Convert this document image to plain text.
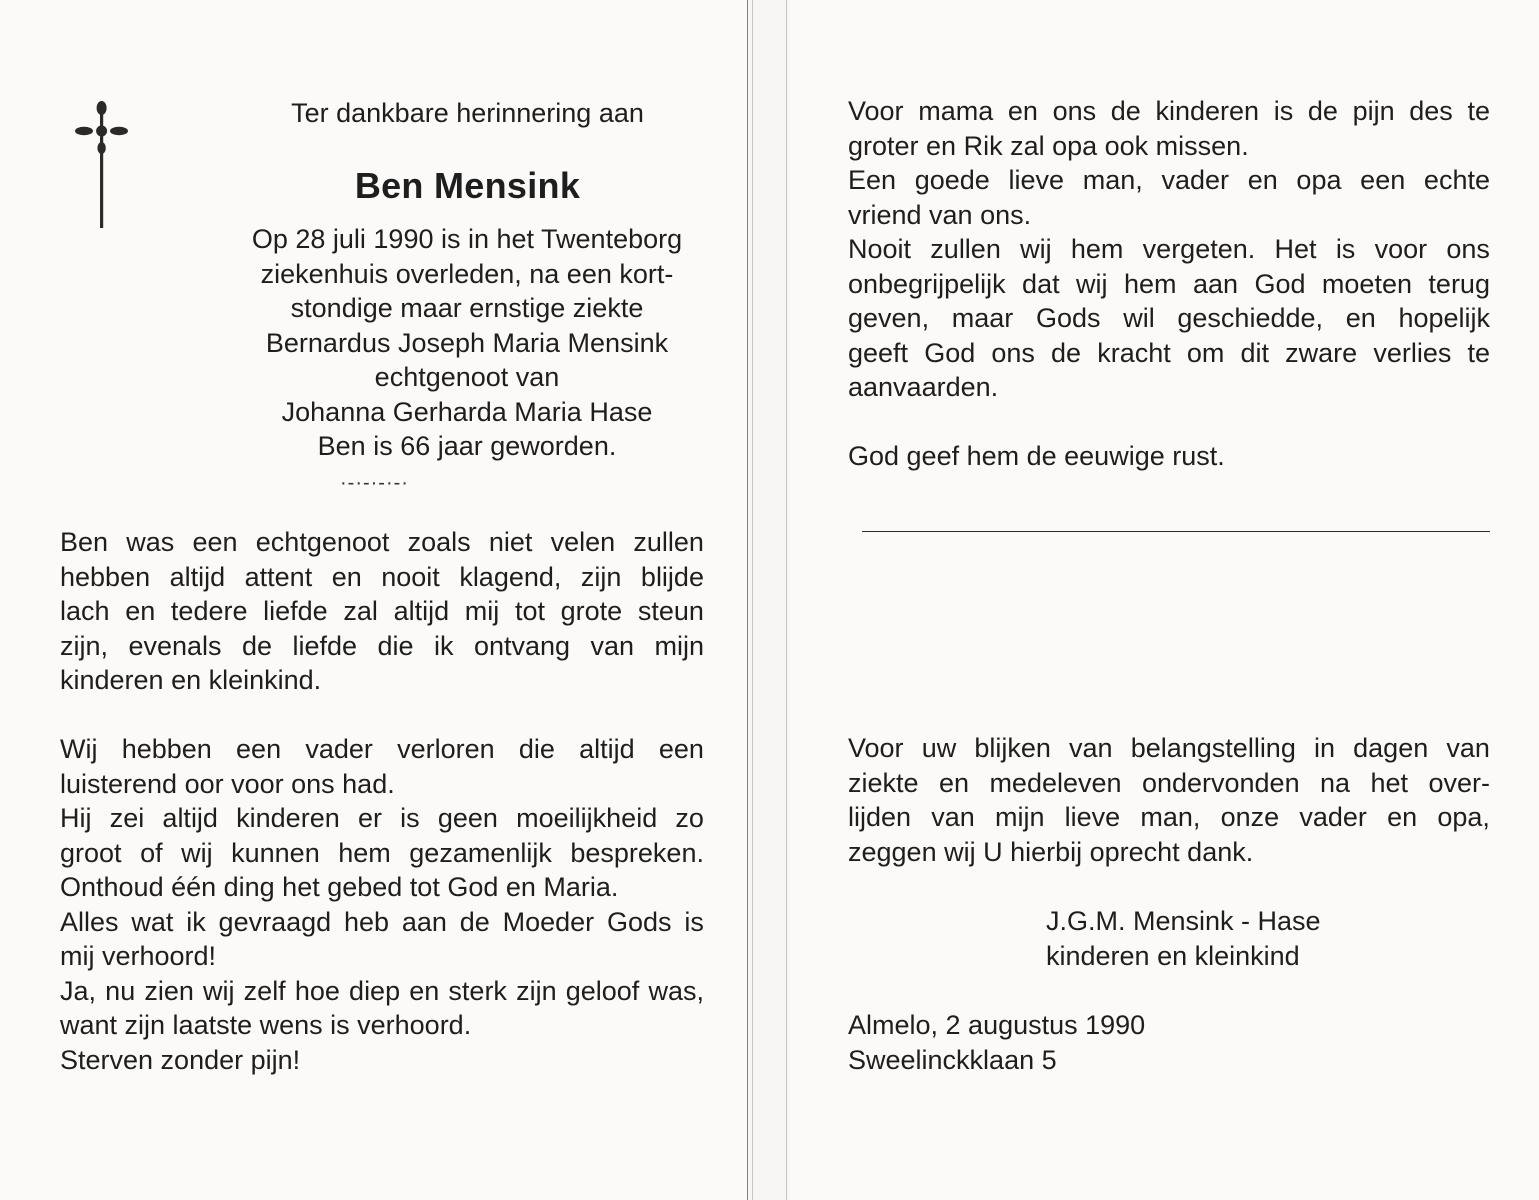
Ter dankbare herinnering aan
Ben Mensink
Op 28 juli 1990 is in het Twenteborg
ziekenhuis overleden, na een kort-
stondige maar ernstige ziekte
Bernardus Joseph Maria Mensink
echtgenoot van
Johanna Gerharda Maria Hase
Ben is 66 jaar geworden.
·-·-·-·-·
Ben was een echtgenoot zoals niet velen zullen
hebben altijd attent en nooit klagend, zijn blijde
lach en tedere liefde zal altijd mij tot grote steun
zijn, evenals de liefde die ik ontvang van mijn
kinderen en kleinkind.
Wij hebben een vader verloren die altijd een
luisterend oor voor ons had.
Hij zei altijd kinderen er is geen moeilijkheid zo
groot of wij kunnen hem gezamenlijk bespreken.
Onthoud één ding het gebed tot God en Maria.
Alles wat ik gevraagd heb aan de Moeder Gods is
mij verhoord!
Ja, nu zien wij zelf hoe diep en sterk zijn geloof was,
want zijn laatste wens is verhoord.
Sterven zonder pijn!
Voor mama en ons de kinderen is de pijn des te
groter en Rik zal opa ook missen.
Een goede lieve man, vader en opa een echte
vriend van ons.
Nooit zullen wij hem vergeten. Het is voor ons
onbegrijpelijk dat wij hem aan God moeten terug
geven, maar Gods wil geschiedde, en hopelijk
geeft God ons de kracht om dit zware verlies te
aanvaarden.
God geef hem de eeuwige rust.
Voor uw blijken van belangstelling in dagen van
ziekte en medeleven ondervonden na het over-
lijden van mijn lieve man, onze vader en opa,
zeggen wij U hierbij oprecht dank.
J.G.M. Mensink - Hase
kinderen en kleinkind
Almelo, 2 augustus 1990
Sweelinckklaan 5
